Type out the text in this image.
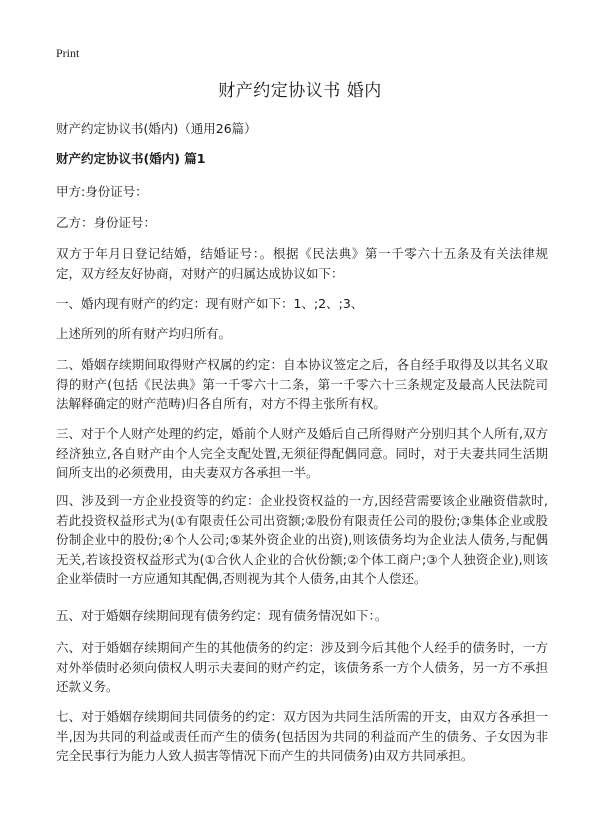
Print
财产约定协议书 婚内
财产约定协议书(婚内)（通用26篇）
财产约定协议书(婚内) 篇1

甲方:身份证号：

乙方：身份证号：

双方于年月日登记结婚，结婚证号：。根据《民法典》第一千零六十五条及有关法律规定，双方经友好协商，对财产的归属达成协议如下：

一、婚内现有财产的约定：现有财产如下：1、;2、;3、

上述所列的所有财产均归所有。

二、婚姻存续期间取得财产权属的约定：自本协议签定之后，各自经手取得及以其名义取得的财产(包括《民法典》第一千零六十二条，第一千零六十三条规定及最高人民法院司法解释确定的财产范畴)归各自所有，对方不得主张所有权。

三、对于个人财产处理的约定，婚前个人财产及婚后自己所得财产分别归其个人所有,双方经济独立,各自财产由个人完全支配处置,无须征得配偶同意。同时，对于夫妻共同生活期间所支出的必须费用，由夫妻双方各承担一半。

四、涉及到一方企业投资等的约定：企业投资权益的一方,因经营需要该企业融资借款时,若此投资权益形式为(①有限责任公司出资额;②股份有限责任公司的股份;③集体企业或股份制企业中的股份;④个人公司;⑤某外资企业的出资),则该债务均为企业法人债务,与配偶无关,若该投资权益形式为(①合伙人企业的合伙份额;②个体工商户;③个人独资企业),则该企业举债时一方应通知其配偶,否则视为其个人债务,由其个人偿还。

五、对于婚姻存续期间现有债务约定：现有债务情况如下：。

六、对于婚姻存续期间产生的其他债务的约定：涉及到今后其他个人经手的债务时，一方对外举债时必须向债权人明示夫妻间的财产约定，该债务系一方个人债务，另一方不承担还款义务。

七、对于婚姻存续期间共同债务的约定：双方因为共同生活所需的开支，由双方各承担一半,因为共同的利益或责任而产生的债务(包括因为共同的利益而产生的债务、子女因为非完全民事行为能力人致人损害等情况下而产生的共同债务)由双方共同承担。
